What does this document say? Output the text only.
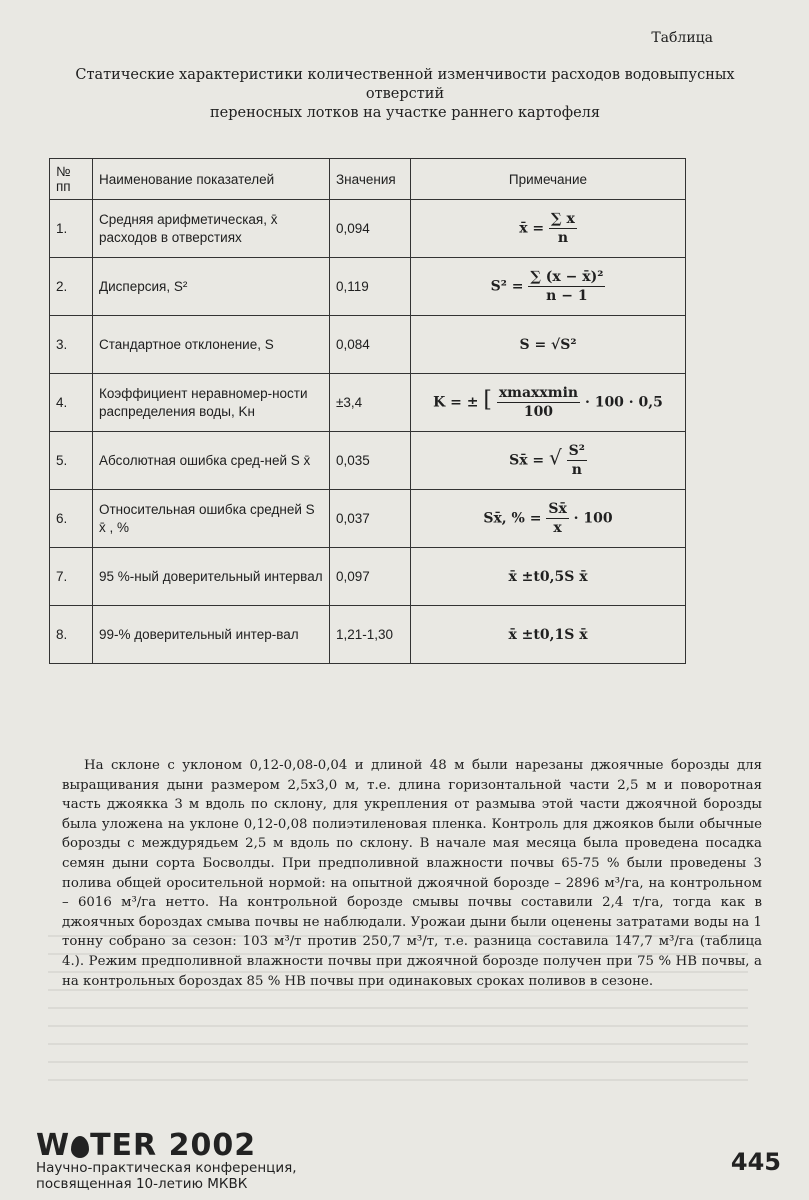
Таблица
Статические характеристики количественной изменчивости расходов водовыпусных отверстий
переносных лотков на участке раннего картофеля
№ пп	Наименование показателей	Значения	Примечание
1.	Средняя арифметическая, x̄ расходов в отверстиях	0,094	x̄ = $\frac{\sum x}{n}$

2.	Дисперсия, S²	0,119	$S^2 = \frac{\text{∑ (x − x̄)²}}{n - 1}$

3.	Стандартное отклонение, S	0,084	S = √S²
4.	Коэффициент неравномер-ности распределения воды, Kн	±3,4	K = ± [ $\frac{\text{xmaxxmin}}{100} \cdot 100 \cdot 0,5$
5.	Абсолютная ошибка сред-ней S x̄	0,035	Sx̄ = √ $\frac{\text{S²}}{n}$

6.	Относительная ошибка средней S x̄ , %	0,037	Sx̄, % = $\frac{Sx̄}{x} \cdot 100$
7.	95 %-ный доверительный интервал	0,097	x̄ ±t0,5S x̄
8.	99-% доверительный интер-вал	1,21-1,30	x̄ ±t0,1S x̄

На склоне с уклоном 0,12-0,08-0,04 и длиной 48 м были нарезаны джоячные борозды для выращивания дыни размером 2,5х3,0 м, т.е. длина горизонтальной части 2,5 м и поворотная часть джоякка 3 м вдоль по склону, для укрепления от размыва этой части джоячной борозды была уложена на уклоне 0,12-0,08 полиэтиленовая пленка. Контроль для джояков были обычные борозды с междурядьем 2,5 м вдоль по склону. В начале мая месяца была проведена посадка семян дыни сорта Босволды. При предполивной влажности почвы 65-75 % были проведены 3 полива общей оросительной нормой: на опытной джоячной борозде – 2896 м³/га, на контрольном – 6016 м³/га нетто. На контрольной борозде смывы почвы составили 2,4 т/га, тогда как в джоячных бороздах смыва почвы не наблюдали. Урожаи дыни были оценены затратами воды на 1 тонну собрано за сезон: 103 м³/т против 250,7 м³/т, т.е. разница составила 147,7 м³/га (таблица 4.). Режим предполивной влажности почвы при джоячной борозде получен при 75 % НВ почвы, а на контрольных бороздах 85 % НВ почвы при одинаковых сроках поливов в сезоне.

W TER 2002
Научно-практическая конференция,
посвященная 10-летию МКВК
445
